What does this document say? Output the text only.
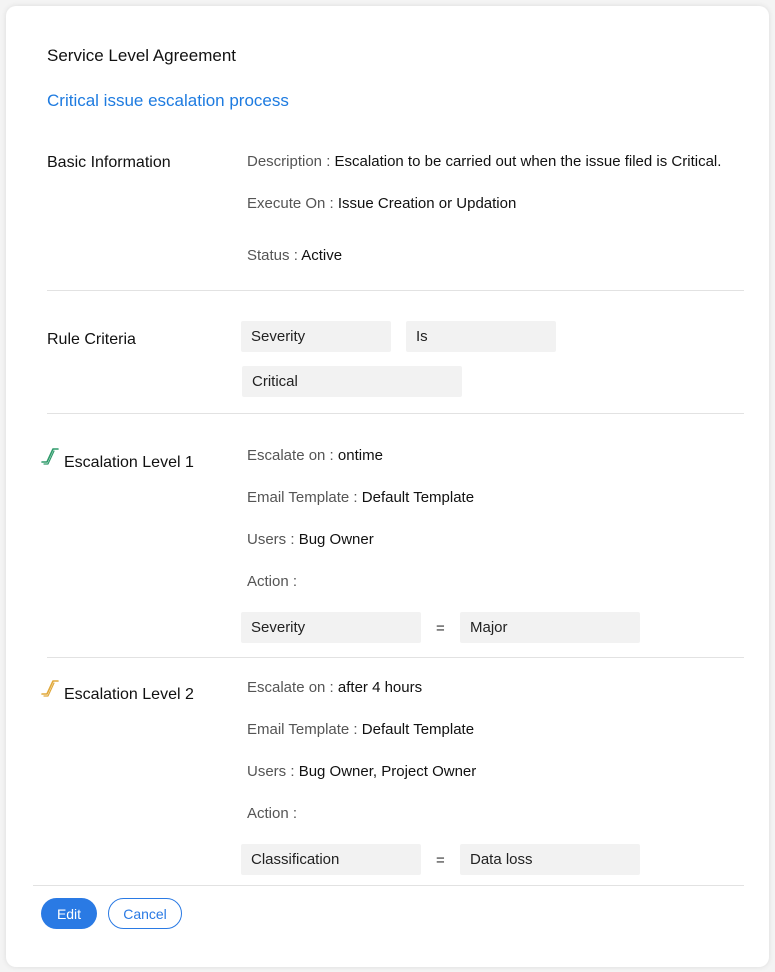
Service Level Agreement
Critical issue escalation process
Basic Information	Description : Escalation to be carried out when the issue filed is Critical.
Execute On : Issue Creation or Updation
Status : Active
Rule Criteria	Severity	Is
Critical
Escalation Level 1	Escalate on : ontime
Email Template : Default Template
Users : Bug Owner
Action :
Severity	=	Major
Escalation Level 2	Escalate on : after 4 hours
Email Template : Default Template
Users : Bug Owner, Project Owner
Action :
Classification	=	Data loss
Edit	Cancel
